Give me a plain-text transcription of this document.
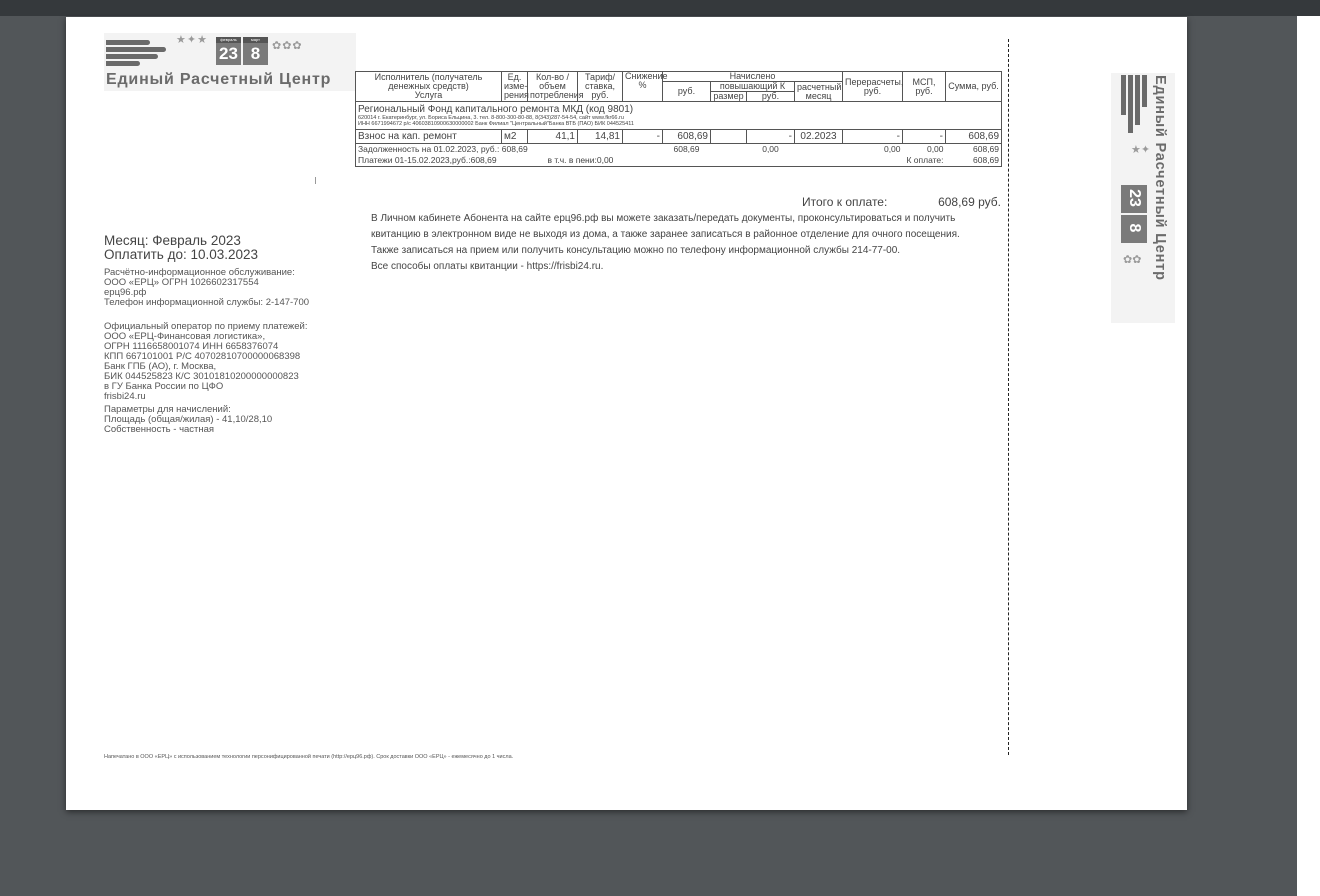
★✦★	февраль
23
март
8	✿✿✿
Единый Расчетный Центр
Месяц: Февраль 2023
Оплатить до: 10.03.2023
Расчётно-информационное обслуживание:
ООО «ЕРЦ» ОГРН 1026602317554
ерц96.рф
Телефон информационной службы: 2-147-700
Официальный оператор по приему платежей:
ООО «ЕРЦ-Финансовая логистика»,
ОГРН 1116658001074 ИНН 6658376074
КПП 667101001 Р/С 40702810700000068398
Банк ГПБ (АО), г. Москва,
БИК 044525823 К/С 30101810200000000823
в ГУ Банка России по ЦФО
frisbi24.ru
Параметры для начислений:
Площадь (общая/жилая) - 41,10/28,10
Собственность - частная
Исполнитель (получатель денежных средств)
Услуга	Ед. изме-рения	Кол-во / объем потребления	Тариф/ ставка, руб.	Снижение %	Начислено				Перерасчеты, руб.	МСП, руб.	Сумма, руб.
					руб.	повышающий К		расчетный месяц			
						размер	руб.				

Региональный Фонд капитального ремонта МКД (код 9801)
620014 г. Екатеринбург, ул. Бориса Ельцина, 3. тел. 8-800-300-80-88, 8(343)287-54-54, сайт www.fkr66.ru
ИНН 6671994672 р/с 40603810900630000002 Банк Филиал "Центральный"Банка ВТБ (ПАО) БИК 044525411											

Взнос на кап. ремонт	м2	41,1	14,81	-	608,69		-	02.2023	-	-	608,69
Задолженность на 01.02.2023, руб.: 608,69					608,69		0,00		0,00	0,00	608,69
Платежи 01-15.02.2023,руб.:608,69		в т.ч. в пени:0,00								К оплате:	608,69
Итого к оплате:	608,69 руб.

В Личном кабинете Абонента на сайте ерц96.рф вы можете заказать/передать документы, проконсультироваться и получить квитанцию в электронном виде не выходя из дома, а также заранее записаться в районное отделение для очного посещения. Также записаться на прием или получить консультацию можно по телефону информационной службы 214-77-00.

Все способы оплаты квитанции - https://frisbi24.ru.

Напечатано в ООО «ЕРЦ» с использованием технологии персонифицированной печати (http://ерц96.рф). Срок доставки ООО «ЕРЦ» - ежемесячно до 1 числа.
Единый Расчетный Центр
★✦
23
8
✿✿
